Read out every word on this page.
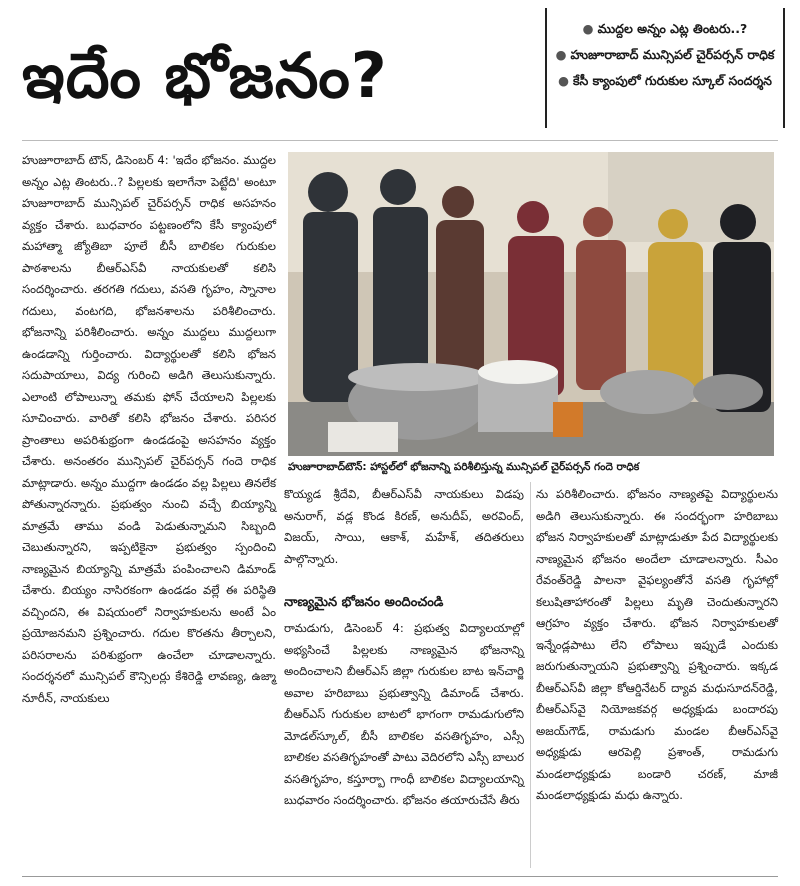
ఇదేం భోజనం?
● ముద్దల అన్నం ఎట్ల తింటరు..?
● హుజూరాబాద్ మున్సిపల్ చైర్‌పర్సన్ రాధిక
● కేసీ క్యాంపులో గురుకుల స్కూల్ సందర్శన

హుజూరాబాద్ టౌన్, డిసెంబర్ 4: 'ఇదేం భోజనం. ముద్దల అన్నం ఎట్ల తింటరు..? పిల్లలకు ఇలాగేనా పెట్టేది' అంటూ హుజూరాబాద్ మున్సిపల్ చైర్‌పర్సన్ రాధిక అసహనం వ్యక్తం చేశారు. బుధవారం పట్టణంలోని కేసీ క్యాంపులో మహాత్మా జ్యోతిబా పూలే బీసీ బాలికల గురుకుల పాఠశాలను బీఆర్‌ఎస్‌వీ నాయకులతో కలిసి సందర్శించారు. తరగతి గదులు, వసతి గృహం, స్నానాల గదులు, వంటగది, భోజనశాలను పరిశీలించారు. భోజనాన్ని పరిశీలించారు. అన్నం ముద్దలు ముద్దలుగా ఉండడాన్ని గుర్తించారు. విద్యార్థులతో కలిసి భోజన సదుపాయాలు, విద్య గురించి అడిగి తెలుసుకున్నారు. ఎలాంటి లోపాలున్నా తమకు ఫోన్ చేయాలని పిల్లలకు సూచించారు. వారితో కలిసి భోజనం చేశారు. పరిసర ప్రాంతాలు అపరిశుభ్రంగా ఉండడంపై అసహనం వ్యక్తం చేశారు. అనంతరం మున్సిపల్ చైర్‌పర్సన్ గందె రాధిక మాట్లాడారు. అన్నం ముద్దగా ఉండడం వల్ల పిల్లలు తినలేక పోతున్నారన్నారు. ప్రభుత్వం నుంచి వచ్చే బియ్యాన్ని మాత్రమే తాము వండి పెడుతున్నామని సిబ్బంది చెబుతున్నారని, ఇప్పటికైనా ప్రభుత్వం స్పందించి నాణ్యమైన బియ్యాన్ని మాత్రమే పంపించాలని డిమాండ్ చేశారు. బియ్యం నాసిరకంగా ఉండడం వల్లే ఈ పరిస్థితి వచ్చిందని, ఈ విషయంలో నిర్వాహకులను అంటే ఏం ప్రయోజనమని ప్రశ్నించారు. గదుల కొరతను తీర్చాలని, పరిసరాలను పరిశుభ్రంగా ఉంచేలా చూడాలన్నారు. సందర్శనలో మున్సిపల్ కౌన్సిలర్లు కేశిరెడ్డి లావణ్య, ఉజ్మా నూరీన్, నాయకులు

హుజూరాబాద్‌టౌన్: హాస్టల్‌లో భోజనాన్ని పరిశీలిస్తున్న మున్సిపల్ చైర్‌పర్సన్ గందె రాధిక

కొయ్యడ శ్రీదేవి, బీఆర్‌ఎస్‌వీ నాయకులు విడపు అనురాగ్, వడ్ల కొండ కిరణ్, అనుదీప్, అరవింద్, విజయ్, సాయి, ఆకాశ్, మహేశ్, తదితరులు పాల్గొన్నారు.

నాణ్యమైన భోజనం అందించండి

రామడుగు, డిసెంబర్ 4: ప్రభుత్వ విద్యాలయాల్లో అభ్యసించే పిల్లలకు నాణ్యమైన భోజనాన్ని అందించాలని బీఆర్‌ఎస్ జిల్లా గురుకుల బాట ఇన్‌చార్జి అవాల హరిబాబు ప్రభుత్వాన్ని డిమాండ్ చేశారు. బీఆర్‌ఎస్ గురుకుల బాటలో భాగంగా రామడుగులోని మోడల్‌స్కూల్, బీసీ బాలికల వసతిగృహం, ఎస్సీ బాలికల వసతిగృహంతో పాటు వెదిరలోని ఎస్సీ బాలుర వసతిగృహం, కస్తూర్బా గాంధీ బాలికల విద్యాలయాన్ని బుధవారం సందర్శించారు. భోజనం తయారుచేసే తీరు

ను పరిశీలించారు. భోజనం నాణ్యతపై విద్యార్థులను అడిగి తెలుసుకున్నారు. ఈ సందర్భంగా హరిబాబు భోజన నిర్వాహకులతో మాట్లాడుతూ పేద విద్యార్థులకు నాణ్యమైన భోజనం అందేలా చూడాలన్నారు. సీఎం రేవంత్‌రెడ్డి పాలనా వైఫల్యంతోనే వసతి గృహాల్లో కలుషితాహారంతో పిల్లలు మృతి చెందుతున్నారని ఆగ్రహం వ్యక్తం చేశారు. భోజన నిర్వాహకులతో ఇన్నేండ్లపాటు లేని లోపాలు ఇప్పుడే ఎందుకు జరుగుతున్నాయని ప్రభుత్వాన్ని ప్రశ్నించారు. ఇక్కడ బీఆర్‌ఎస్‌వీ జిల్లా కోఆర్డినేటర్ ద్యావ మధుసూదన్‌రెడ్డి, బీఆర్‌ఎస్‌వై నియోజకవర్గ అధ్యక్షుడు బందారపు అజయ్‌గౌడ్, రామడుగు మండల బీఆర్‌ఎస్‌వై అధ్యక్షుడు ఆరపెల్లి ప్రశాంత్, రామడుగు మండలాధ్యక్షుడు బండారి చరణ్, మాజీ మండలాధ్యక్షుడు మధు ఉన్నారు.
